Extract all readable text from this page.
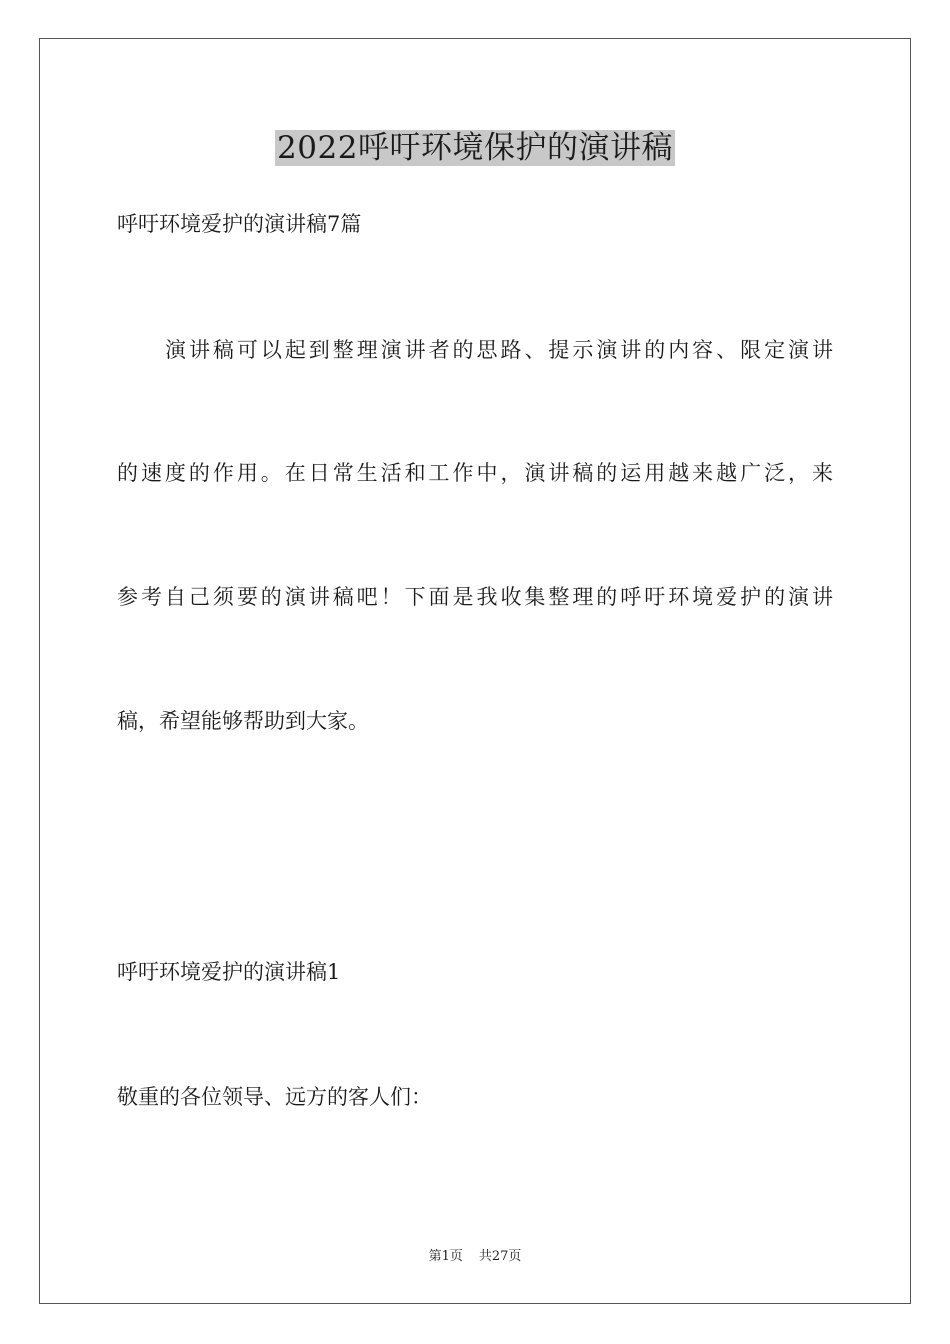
2022呼吁环境保护的演讲稿
呼吁环境爱护的演讲稿7篇
演讲稿可以起到整理演讲者的思路、提示演讲的内容、限定演讲
的速度的作用。在日常生活和工作中，演讲稿的运用越来越广泛，来
参考自己须要的演讲稿吧！下面是我收集整理的呼吁环境爱护的演讲
稿，希望能够帮助到大家。
呼吁环境爱护的演讲稿1
敬重的各位领导、远方的客人们：
第1页 共27页
